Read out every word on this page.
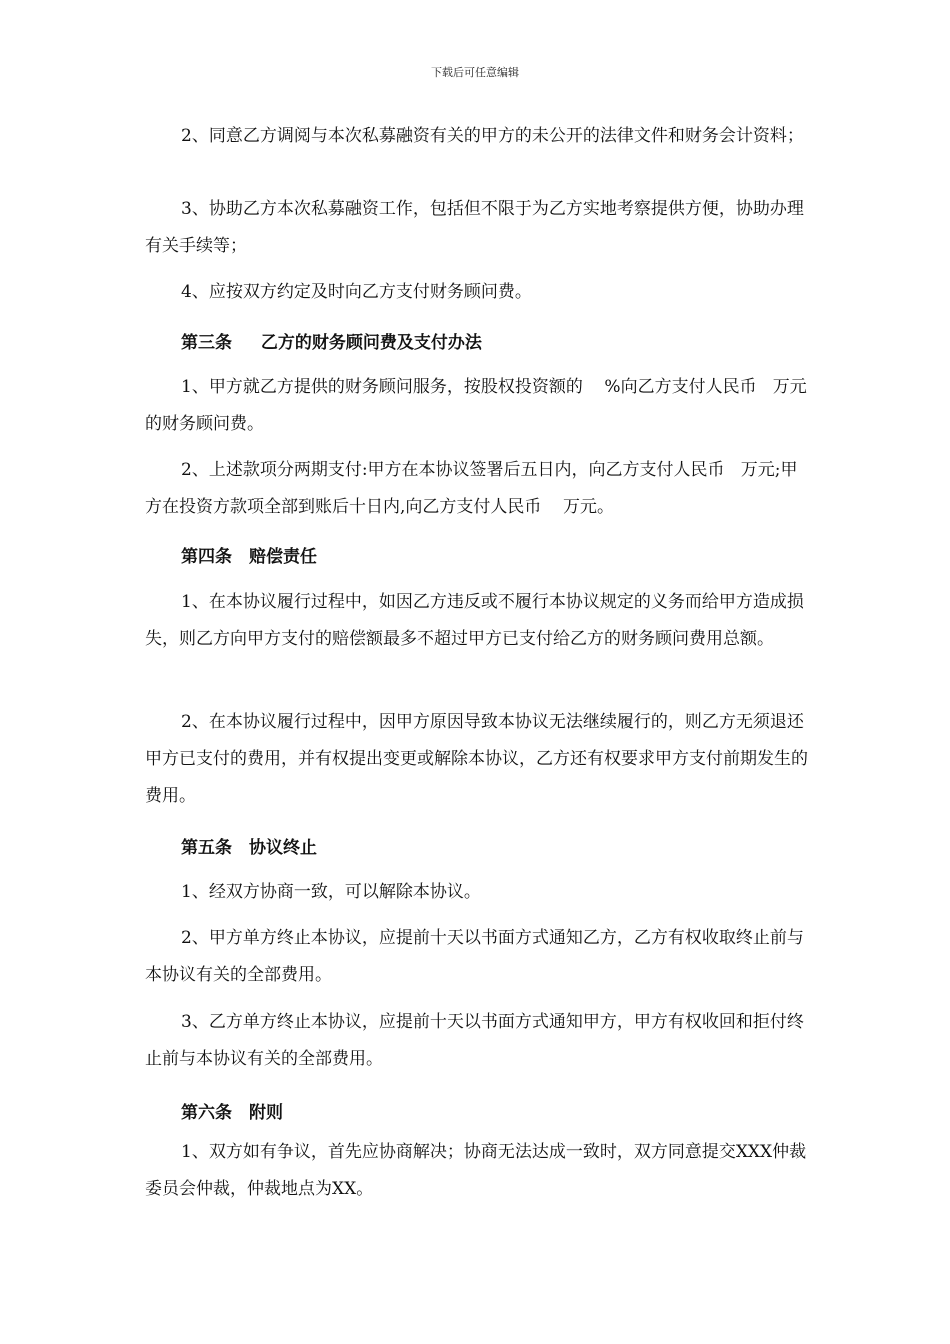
下载后可任意编辑

2、同意乙方调阅与本次私募融资有关的甲方的未公开的法律文件和财务会计资料；

3、协助乙方本次私募融资工作，包括但不限于为乙方实地考察提供方便，协助办理有关手续等；

4、应按双方约定及时向乙方支付财务顾问费。

第三条　  乙方的财务顾问费及支付办法

1、甲方就乙方提供的财务顾问服务，按股权投资额的    %向乙方支付人民币   万元的财务顾问费。

2、上述款项分两期支付:甲方在本协议签署后五日内，向乙方支付人民币   万元;甲方在投资方款项全部到账后十日内,向乙方支付人民币    万元。

第四条　赔偿责任

1、在本协议履行过程中，如因乙方违反或不履行本协议规定的义务而给甲方造成损失，则乙方向甲方支付的赔偿额最多不超过甲方已支付给乙方的财务顾问费用总额。

2、在本协议履行过程中，因甲方原因导致本协议无法继续履行的，则乙方无须退还甲方已支付的费用，并有权提出变更或解除本协议，乙方还有权要求甲方支付前期发生的费用。

第五条　协议终止

1、经双方协商一致，可以解除本协议。

2、甲方单方终止本协议，应提前十天以书面方式通知乙方，乙方有权收取终止前与本协议有关的全部费用。

3、乙方单方终止本协议，应提前十天以书面方式通知甲方，甲方有权收回和拒付终止前与本协议有关的全部费用。

第六条　附则

1、双方如有争议，首先应协商解决；协商无法达成一致时，双方同意提交XXX仲裁委员会仲裁，仲裁地点为XX。
